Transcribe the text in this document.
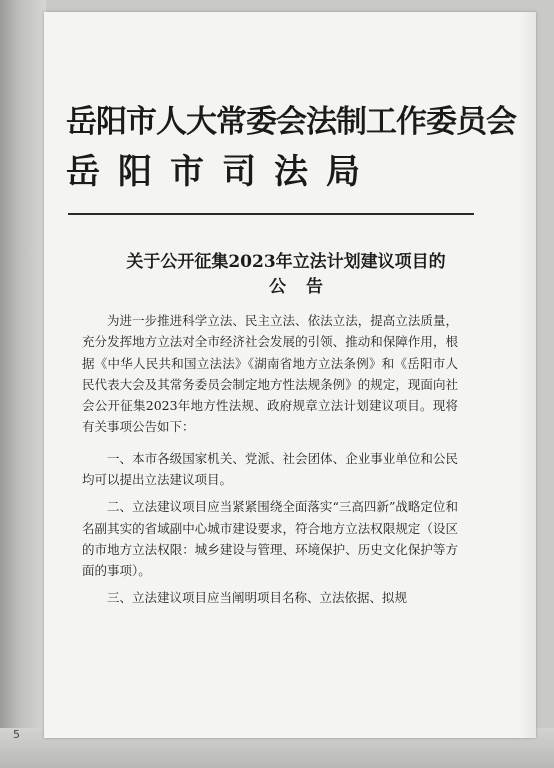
岳阳市人大常委会法制工作委员会
岳阳市司法局
关于公开征集2023年立法计划建议项目的
公告

为进一步推进科学立法、民主立法、依法立法，提高立法质量，充分发挥地方立法对全市经济社会发展的引领、推动和保障作用，根据《中华人民共和国立法法》《湖南省地方立法条例》和《岳阳市人民代表大会及其常务委员会制定地方性法规条例》的规定，现面向社会公开征集2023年地方性法规、政府规章立法计划建议项目。现将有关事项公告如下：

一、本市各级国家机关、党派、社会团体、企业事业单位和公民均可以提出立法建议项目。

二、立法建议项目应当紧紧围绕全面落实“三高四新”战略定位和名副其实的省域副中心城市建设要求，符合地方立法权限规定（设区的市地方立法权限：城乡建设与管理、环境保护、历史文化保护等方面的事项）。

三、立法建议项目应当阐明项目名称、立法依据、拟规

5
